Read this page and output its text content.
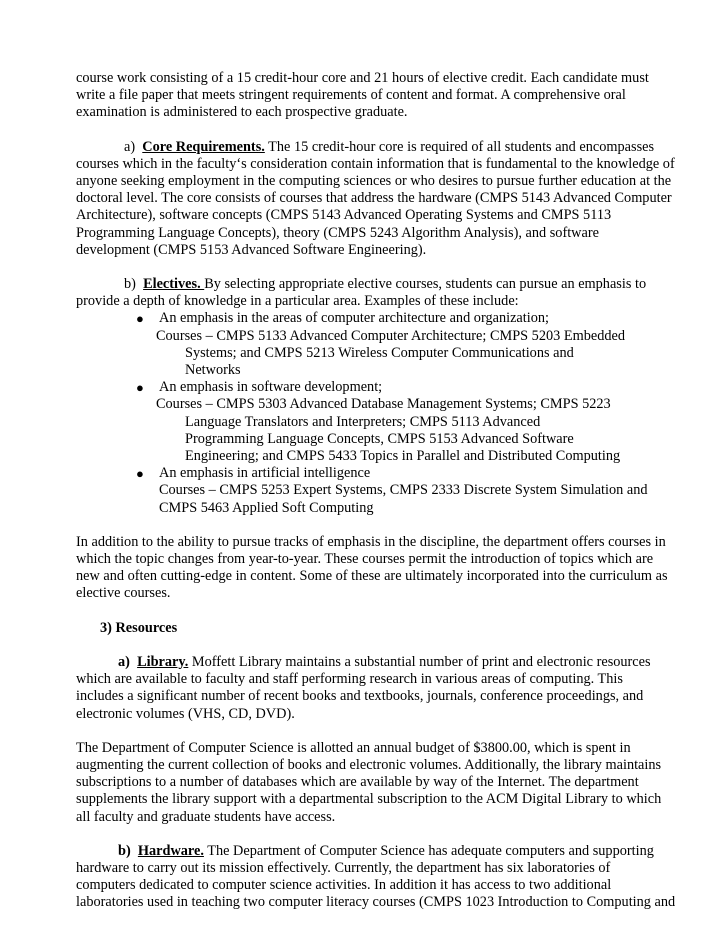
course work consisting of a 15 credit-hour core and 21 hours of elective credit. Each candidate must

write a file paper that meets stringent requirements of content and format. A comprehensive oral

examination is administered to each prospective graduate.

a) Core Requirements. The 15 credit-hour core is required of all students and encompasses

courses which in the faculty‘s consideration contain information that is fundamental to the knowledge of

anyone seeking employment in the computing sciences or who desires to pursue further education at the

doctoral level. The core consists of courses that address the hardware (CMPS 5143 Advanced Computer

Architecture), software concepts (CMPS 5143 Advanced Operating Systems and CMPS 5113

Programming Language Concepts), theory (CMPS 5243 Algorithm Analysis), and software

development (CMPS 5153 Advanced Software Engineering).

b) Electives. By selecting appropriate elective courses, students can pursue an emphasis to

provide a depth of knowledge in a particular area. Examples of these include:

● An emphasis in the areas of computer architecture and organization;

Courses – CMPS 5133 Advanced Computer Architecture; CMPS 5203 Embedded

Systems; and CMPS 5213 Wireless Computer Communications and

Networks

● An emphasis in software development;

Courses – CMPS 5303 Advanced Database Management Systems; CMPS 5223

Language Translators and Interpreters; CMPS 5113 Advanced

Programming Language Concepts, CMPS 5153 Advanced Software

Engineering; and CMPS 5433 Topics in Parallel and Distributed Computing

● An emphasis in artificial intelligence

Courses – CMPS 5253 Expert Systems, CMPS 2333 Discrete System Simulation and

CMPS 5463 Applied Soft Computing

In addition to the ability to pursue tracks of emphasis in the discipline, the department offers courses in

which the topic changes from year-to-year. These courses permit the introduction of topics which are

new and often cutting-edge in content. Some of these are ultimately incorporated into the curriculum as

elective courses.

3) Resources

a) Library. Moffett Library maintains a substantial number of print and electronic resources

which are available to faculty and staff performing research in various areas of computing. This

includes a significant number of recent books and textbooks, journals, conference proceedings, and

electronic volumes (VHS, CD, DVD).

The Department of Computer Science is allotted an annual budget of $3800.00, which is spent in

augmenting the current collection of books and electronic volumes. Additionally, the library maintains

subscriptions to a number of databases which are available by way of the Internet. The department

supplements the library support with a departmental subscription to the ACM Digital Library to which

all faculty and graduate students have access.

b) Hardware. The Department of Computer Science has adequate computers and supporting

hardware to carry out its mission effectively. Currently, the department has six laboratories of

computers dedicated to computer science activities. In addition it has access to two additional

laboratories used in teaching two computer literacy courses (CMPS 1023 Introduction to Computing and
